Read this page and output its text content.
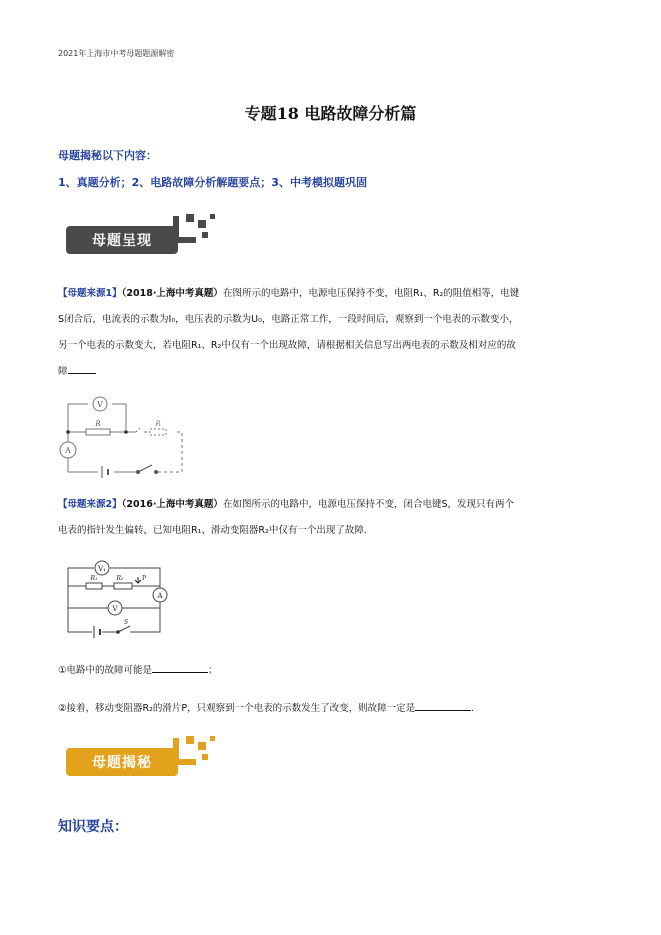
2021年上海市中考母题题源解密
专题18 电路故障分析篇
母题揭秘以下内容：
1、真题分析；2、电路故障分析解题要点；3、中考模拟题巩固
母题呈现
【母题来源1】（2018·上海中考真题）在图所示的电路中，电源电压保持不变，电阻R₁、R₂的阻值相等，电键
S闭合后，电流表的示数为I₀，电压表的示数为U₀，电路正常工作，一段时间后，观察到一个电表的示数变小，
另一个电表的示数变大，若电阻R₁、R₂中仅有一个出现故障，请根据相关信息写出两电表的示数及相对应的故
障
V
R	R
A
【母题来源2】（2016·上海中考真题）在如图所示的电路中，电源电压保持不变，闭合电键S，发现只有两个
电表的指针发生偏转，已知电阻R₁、滑动变阻器R₂中仅有一个出现了故障.
V₁
R₁	R₂	P
V
A
S
①电路中的故障可能是	；
②接着，移动变阻器R₂的滑片P，只观察到一个电表的示数发生了改变，则故障一定是	.
母题揭秘
知识要点：
